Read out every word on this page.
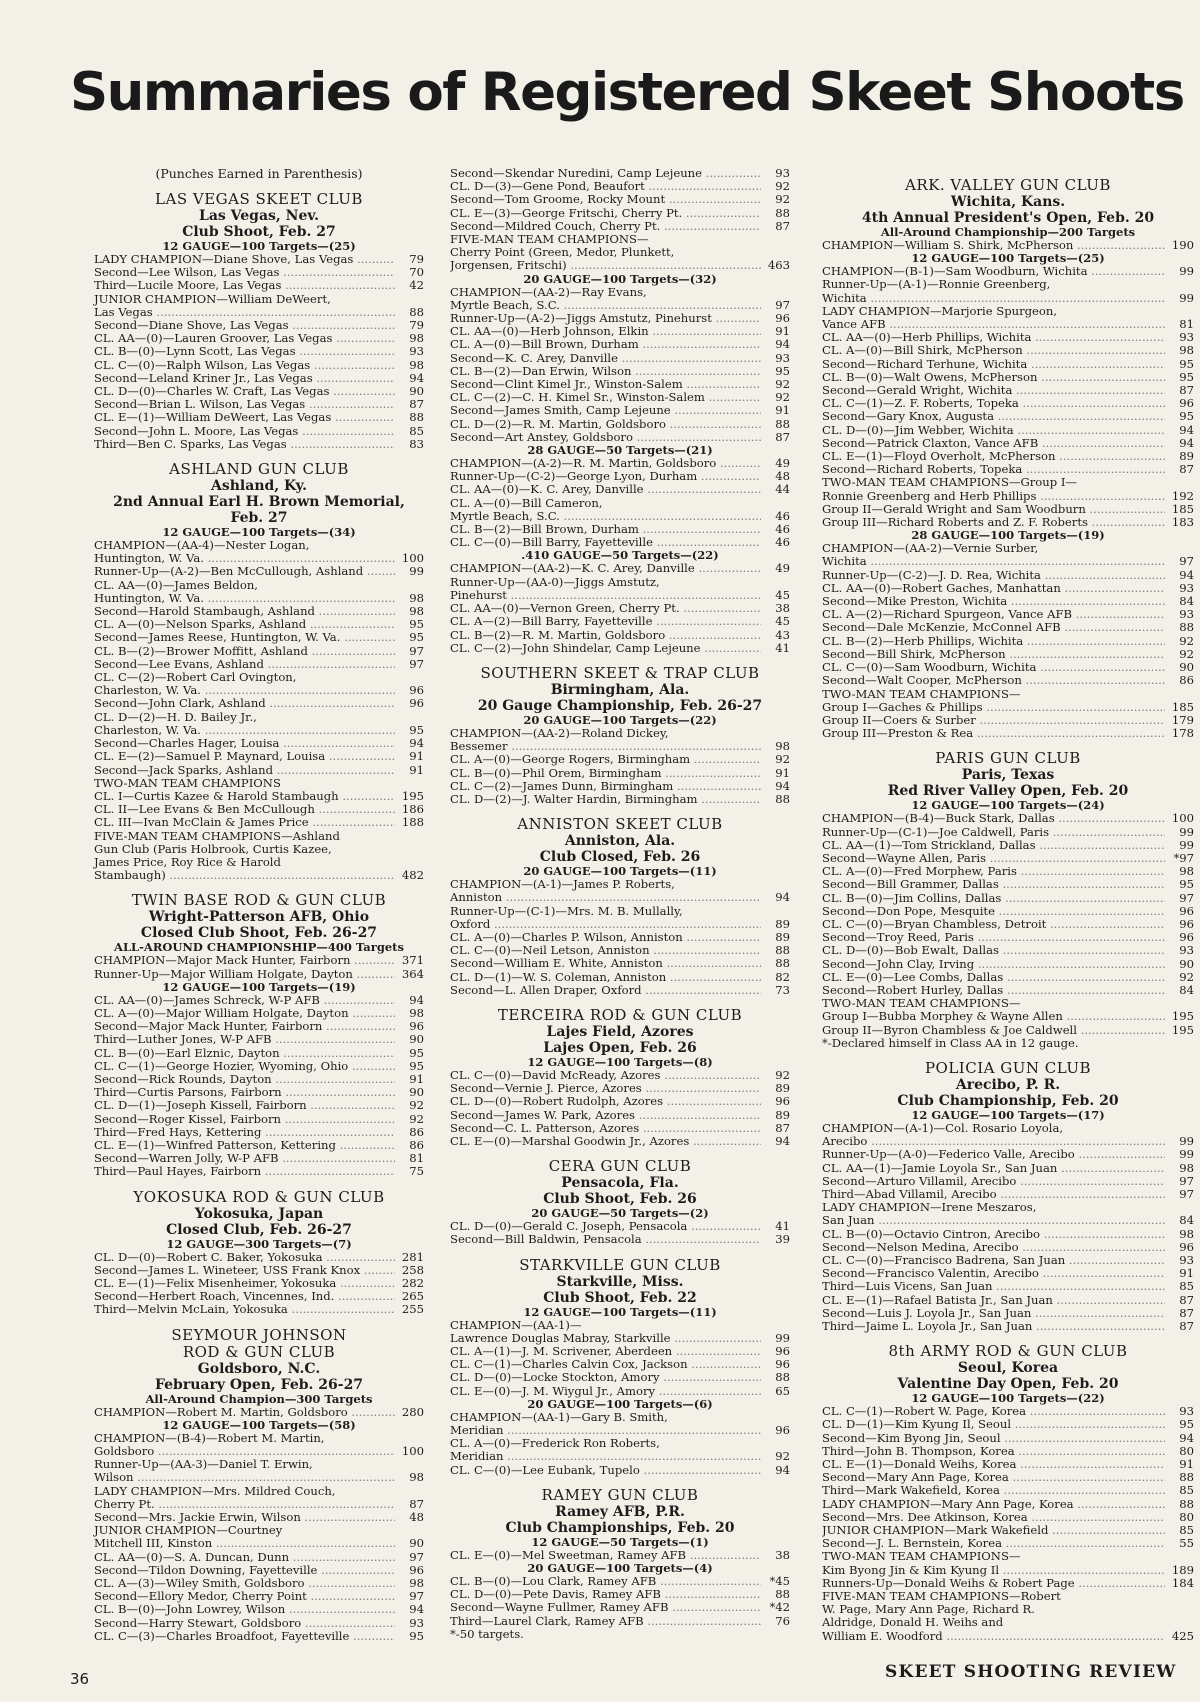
Summaries of Registered Skeet Shoots
(Punches Earned in Parenthesis)
LAS VEGAS SKEET CLUB
Las Vegas, Nev.
Club Shoot, Feb. 27
12 GAUGE—100 Targets—(25)
LADY CHAMPION—Diane Shove, Las Vegas .....	79
Second—Lee Wilson, Las Vegas .....	70
Third—Lucile Moore, Las Vegas .....	42
JUNIOR CHAMPION—William DeWeert,
Las Vegas .....	88
Second—Diane Shove, Las Vegas .....	79
CL. AA—(0)—Lauren Groover, Las Vegas .....	98
CL. B—(0)—Lynn Scott, Las Vegas .....	93
CL. C—(0)—Ralph Wilson, Las Vegas .....	98
Second—Leland Kriner Jr., Las Vegas .....	94
CL. D—(0)—Charles W. Craft, Las Vegas .....	90
Second—Brian L. Wilson, Las Vegas .....	87
CL. E—(1)—William DeWeert, Las Vegas .....	88
Second—John L. Moore, Las Vegas .....	85
Third—Ben C. Sparks, Las Vegas .....	83
ASHLAND GUN CLUB
Ashland, Ky.
2nd Annual Earl H. Brown Memorial,
Feb. 27
12 GAUGE—100 Targets—(34)
CHAMPION—(AA-4)—Nester Logan,
Huntington, W. Va. .....	100
Runner-Up—(A-2)—Ben McCullough, Ashland .....	99
CL. AA—(0)—James Beldon,
Huntington, W. Va. .....	98
Second—Harold Stambaugh, Ashland .....	98
CL. A—(0)—Nelson Sparks, Ashland .....	95
Second—James Reese, Huntington, W. Va. .....	95
CL. B—(2)—Brower Moffitt, Ashland .....	97
Second—Lee Evans, Ashland .....	97
CL. C—(2)—Robert Carl Ovington,
Charleston, W. Va. .....	96
Second—John Clark, Ashland .....	96
CL. D—(2)—H. D. Bailey Jr.,
Charleston, W. Va. .....	95
Second—Charles Hager, Louisa .....	94
CL. E—(2)—Samuel P. Maynard, Louisa .....	91
Second—Jack Sparks, Ashland .....	91
TWO-MAN TEAM CHAMPIONS
CL. I—Curtis Kazee & Harold Stambaugh .....	195
CL. II—Lee Evans & Ben McCullough .....	186
CL. III—Ivan McClain & James Price .....	188
FIVE-MAN TEAM CHAMPIONS—Ashland
Gun Club (Paris Holbrook, Curtis Kazee,
James Price, Roy Rice & Harold
Stambaugh) .....	482
TWIN BASE ROD & GUN CLUB
Wright-Patterson AFB, Ohio
Closed Club Shoot, Feb. 26-27
ALL-AROUND CHAMPIONSHIP—400 Targets
CHAMPION—Major Mack Hunter, Fairborn .....	371
Runner-Up—Major William Holgate, Dayton .....	364
12 GAUGE—100 Targets—(19)
CL. AA—(0)—James Schreck, W-P AFB .....	94
CL. A—(0)—Major William Holgate, Dayton .....	98
Second—Major Mack Hunter, Fairborn .....	96
Third—Luther Jones, W-P AFB .....	90
CL. B—(0)—Earl Elznic, Dayton .....	95
CL. C—(1)—George Hozier, Wyoming, Ohio .....	95
Second—Rick Rounds, Dayton .....	91
Third—Curtis Parsons, Fairborn .....	90
CL. D—(1)—Joseph Kissell, Fairborn .....	92
Second—Roger Kissel, Fairborn .....	92
Third—Fred Hays, Kettering .....	86
CL. E—(1)—Winfred Patterson, Kettering .....	86
Second—Warren Jolly, W-P AFB .....	81
Third—Paul Hayes, Fairborn .....	75
YOKOSUKA ROD & GUN CLUB
Yokosuka, Japan
Closed Club, Feb. 26-27
12 GAUGE—300 Targets—(7)
CL. D—(0)—Robert C. Baker, Yokosuka .....	281
Second—James L. Wineteer, USS Frank Knox .....	258
CL. E—(1)—Felix Misenheimer, Yokosuka .....	282
Second—Herbert Roach, Vincennes, Ind. .....	265
Third—Melvin McLain, Yokosuka .....	255
SEYMOUR JOHNSON
ROD & GUN CLUB
Goldsboro, N.C.
February Open, Feb. 26-27
All-Around Champion—300 Targets
CHAMPION—Robert M. Martin, Goldsboro .....	280
12 GAUGE—100 Targets—(58)
CHAMPION—(B-4)—Robert M. Martin,
Goldsboro .....	100
Runner-Up—(AA-3)—Daniel T. Erwin,
Wilson .....	98
LADY CHAMPION—Mrs. Mildred Couch,
Cherry Pt. .....	87
Second—Mrs. Jackie Erwin, Wilson .....	48
JUNIOR CHAMPION—Courtney
Mitchell III, Kinston .....	90
CL. AA—(0)—S. A. Duncan, Dunn .....	97
Second—Tildon Downing, Fayetteville .....	96
CL. A—(3)—Wiley Smith, Goldsboro .....	98
Second—Ellory Medor, Cherry Point .....	97
CL. B—(0)—John Lowrey, Wilson .....	94
Second—Harry Stewart, Goldsboro .....	93
CL. C—(3)—Charles Broadfoot, Fayetteville .....	95
Second—Skendar Nuredini, Camp Lejeune .....	93
CL. D—(3)—Gene Pond, Beaufort .....	92
Second—Tom Groome, Rocky Mount .....	92
CL. E—(3)—George Fritschi, Cherry Pt. .....	88
Second—Mildred Couch, Cherry Pt. .....	87
FIVE-MAN TEAM CHAMPIONS—
Cherry Point (Green, Medor, Plunkett,
Jorgensen, Fritschi) .....	463
20 GAUGE—100 Targets—(32)
CHAMPION—(AA-2)—Ray Evans,
Myrtle Beach, S.C. .....	97
Runner-Up—(A-2)—Jiggs Amstutz, Pinehurst .....	96
CL. AA—(0)—Herb Johnson, Elkin .....	91
CL. A—(0)—Bill Brown, Durham .....	94
Second—K. C. Arey, Danville .....	93
CL. B—(2)—Dan Erwin, Wilson .....	95
Second—Clint Kimel Jr., Winston-Salem .....	92
CL. C—(2)—C. H. Kimel Sr., Winston-Salem .....	92
Second—James Smith, Camp Lejeune .....	91
CL. D—(2)—R. M. Martin, Goldsboro .....	88
Second—Art Anstey, Goldsboro .....	87
28 GAUGE—50 Targets—(21)
CHAMPION—(A-2)—R. M. Martin, Goldsboro .....	49
Runner-Up—(C-2)—George Lyon, Durham .....	48
CL. AA—(0)—K. C. Arey, Danville .....	44
CL. A—(0)—Bill Cameron,
Myrtle Beach, S.C. .....	46
CL. B—(2)—Bill Brown, Durham .....	46
CL. C—(0)—Bill Barry, Fayetteville .....	46
.410 GAUGE—50 Targets—(22)
CHAMPION—(AA-2)—K. C. Arey, Danville .....	49
Runner-Up—(AA-0)—Jiggs Amstutz,
Pinehurst .....	45
CL. AA—(0)—Vernon Green, Cherry Pt. .....	38
CL. A—(2)—Bill Barry, Fayetteville .....	45
CL. B—(2)—R. M. Martin, Goldsboro .....	43
CL. C—(2)—John Shindelar, Camp Lejeune .....	41
SOUTHERN SKEET & TRAP CLUB
Birmingham, Ala.
20 Gauge Championship, Feb. 26-27
20 GAUGE—100 Targets—(22)
CHAMPION—(AA-2)—Roland Dickey,
Bessemer .....	98
CL. A—(0)—George Rogers, Birmingham .....	92
CL. B—(0)—Phil Orem, Birmingham .....	91
CL. C—(2)—James Dunn, Birmingham .....	94
CL. D—(2)—J. Walter Hardin, Birmingham .....	88
ANNISTON SKEET CLUB
Anniston, Ala.
Club Closed, Feb. 26
20 GAUGE—100 Targets—(11)
CHAMPION—(A-1)—James P. Roberts,
Anniston .....	94
Runner-Up—(C-1)—Mrs. M. B. Mullally,
Oxford .....	89
CL. A—(0)—Charles P. Wilson, Anniston .....	89
CL. C—(0)—Neil Letson, Anniston .....	88
Second—William E. White, Anniston .....	88
CL. D—(1)—W. S. Coleman, Anniston .....	82
Second—L. Allen Draper, Oxford .....	73
TERCEIRA ROD & GUN CLUB
Lajes Field, Azores
Lajes Open, Feb. 26
12 GAUGE—100 Targets—(8)
CL. C—(0)—David McReady, Azores .....	92
Second—Vernie J. Pierce, Azores .....	89
CL. D—(0)—Robert Rudolph, Azores .....	96
Second—James W. Park, Azores .....	89
Second—C. L. Patterson, Azores .....	87
CL. E—(0)—Marshal Goodwin Jr., Azores .....	94
CERA GUN CLUB
Pensacola, Fla.
Club Shoot, Feb. 26
20 GAUGE—50 Targets—(2)
CL. D—(0)—Gerald C. Joseph, Pensacola .....	41
Second—Bill Baldwin, Pensacola .....	39
STARKVILLE GUN CLUB
Starkville, Miss.
Club Shoot, Feb. 22
12 GAUGE—100 Targets—(11)
CHAMPION—(AA-1)—
Lawrence Douglas Mabray, Starkville .....	99
CL. A—(1)—J. M. Scrivener, Aberdeen .....	96
CL. C—(1)—Charles Calvin Cox, Jackson .....	96
CL. D—(0)—Locke Stockton, Amory .....	88
CL. E—(0)—J. M. Wiygul Jr., Amory .....	65
20 GAUGE—100 Targets—(6)
CHAMPION—(AA-1)—Gary B. Smith,
Meridian .....	96
CL. A—(0)—Frederick Ron Roberts,
Meridian .....	92
CL. C—(0)—Lee Eubank, Tupelo .....	94
RAMEY GUN CLUB
Ramey AFB, P.R.
Club Championships, Feb. 20
12 GAUGE—50 Targets—(1)
CL. E—(0)—Mel Sweetman, Ramey AFB .....	38
20 GAUGE—100 Targets—(4)
CL. B—(0)—Lou Clark, Ramey AFB .....	*45
CL. D—(0)—Pete Davis, Ramey AFB .....	88
Second—Wayne Fullmer, Ramey AFB .....	*42
Third—Laurel Clark, Ramey AFB .....	76
*-50 targets.
ARK. VALLEY GUN CLUB
Wichita, Kans.
4th Annual President's Open, Feb. 20
All-Around Championship—200 Targets
CHAMPION—William S. Shirk, McPherson .....	190
12 GAUGE—100 Targets—(25)
CHAMPION—(B-1)—Sam Woodburn, Wichita .....	99
Runner-Up—(A-1)—Ronnie Greenberg,
Wichita .....	99
LADY CHAMPION—Marjorie Spurgeon,
Vance AFB .....	81
CL. AA—(0)—Herb Phillips, Wichita .....	93
CL. A—(0)—Bill Shirk, McPherson .....	98
Second—Richard Terhune, Wichita .....	95
CL. B—(0)—Walt Owens, McPherson .....	95
Second—Gerald Wright, Wichita .....	87
CL. C—(1)—Z. F. Roberts, Topeka .....	96
Second—Gary Knox, Augusta .....	95
CL. D—(0)—Jim Webber, Wichita .....	94
Second—Patrick Claxton, Vance AFB .....	94
CL. E—(1)—Floyd Overholt, McPherson .....	89
Second—Richard Roberts, Topeka .....	87
TWO-MAN TEAM CHAMPIONS—Group I—
Ronnie Greenberg and Herb Phillips .....	192
Group II—Gerald Wright and Sam Woodburn .....	185
Group III—Richard Roberts and Z. F. Roberts .....	183
28 GAUGE—100 Targets—(19)
CHAMPION—(AA-2)—Vernie Surber,
Wichita .....	97
Runner-Up—(C-2)—J. D. Rea, Wichita .....	94
CL. AA—(0)—Robert Gaches, Manhattan .....	93
Second—Mike Preston, Wichita .....	84
CL. A—(2)—Richard Spurgeon, Vance AFB .....	93
Second—Dale McKenzie, McConnel AFB .....	88
CL. B—(2)—Herb Phillips, Wichita .....	92
Second—Bill Shirk, McPherson .....	92
CL. C—(0)—Sam Woodburn, Wichita .....	90
Second—Walt Cooper, McPherson .....	86
TWO-MAN TEAM CHAMPIONS—
Group I—Gaches & Phillips .....	185
Group II—Coers & Surber .....	179
Group III—Preston & Rea .....	178
PARIS GUN CLUB
Paris, Texas
Red River Valley Open, Feb. 20
12 GAUGE—100 Targets—(24)
CHAMPION—(B-4)—Buck Stark, Dallas .....	100
Runner-Up—(C-1)—Joe Caldwell, Paris .....	99
CL. AA—(1)—Tom Strickland, Dallas .....	99
Second—Wayne Allen, Paris .....	*97
CL. A—(0)—Fred Morphew, Paris .....	98
Second—Bill Grammer, Dallas .....	95
CL. B—(0)—Jim Collins, Dallas .....	97
Second—Don Pope, Mesquite .....	96
CL. C—(0)—Bryan Chambless, Detroit .....	96
Second—Troy Reed, Paris .....	96
CL. D—(0)—Bob Ewalt, Dallas .....	93
Second—John Clay, Irving .....	90
CL. E—(0)—Lee Combs, Dallas .....	92
Second—Robert Hurley, Dallas .....	84
TWO-MAN TEAM CHAMPIONS—
Group I—Bubba Morphey & Wayne Allen .....	195
Group II—Byron Chambless & Joe Caldwell .....	195
*-Declared himself in Class AA in 12 gauge.
POLICIA GUN CLUB
Arecibo, P. R.
Club Championship, Feb. 20
12 GAUGE—100 Targets—(17)
CHAMPION—(A-1)—Col. Rosario Loyola,
Arecibo .....	99
Runner-Up—(A-0)—Federico Valle, Arecibo .....	99
CL. AA—(1)—Jamie Loyola Sr., San Juan .....	98
Second—Arturo Villamil, Arecibo .....	97
Third—Abad Villamil, Arecibo .....	97
LADY CHAMPION—Irene Meszaros,
San Juan .....	84
CL. B—(0)—Octavio Cintron, Arecibo .....	98
Second—Nelson Medina, Arecibo .....	96
CL. C—(0)—Francisco Badrena, San Juan .....	93
Second—Francisco Valentin, Arecibo .....	91
Third—Luis Vicens, San Juan .....	85
CL. E—(1)—Rafael Batista Jr., San Juan .....	87
Second—Luis J. Loyola Jr., San Juan .....	87
Third—Jaime L. Loyola Jr., San Juan .....	87
8th ARMY ROD & GUN CLUB
Seoul, Korea
Valentine Day Open, Feb. 20
12 GAUGE—100 Targets—(22)
CL. C—(1)—Robert W. Page, Korea .....	93
CL. D—(1)—Kim Kyung Il, Seoul .....	95
Second—Kim Byong Jin, Seoul .....	94
Third—John B. Thompson, Korea .....	80
CL. E—(1)—Donald Weihs, Korea .....	91
Second—Mary Ann Page, Korea .....	88
Third—Mark Wakefield, Korea .....	85
LADY CHAMPION—Mary Ann Page, Korea .....	88
Second—Mrs. Dee Atkinson, Korea .....	80
JUNIOR CHAMPION—Mark Wakefield .....	85
Second—J. L. Bernstein, Korea .....	55
TWO-MAN TEAM CHAMPIONS—
Kim Byong Jin & Kim Kyung Il .....	189
Runners-Up—Donald Weihs & Robert Page .....	184
FIVE-MAN TEAM CHAMPIONS—Robert
W. Page, Mary Ann Page, Richard R.
Aldridge, Donald H. Weihs and
William E. Woodford .....	425
36	SKEET SHOOTING REVIEW
